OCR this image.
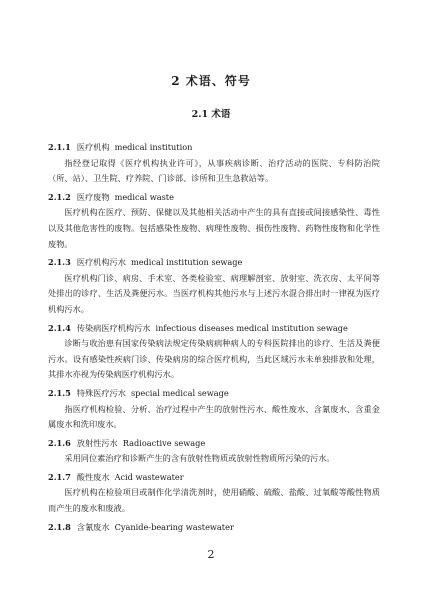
2 术语、符号
2.1 术语
2.1.1 医疗机构 medical institution

指经登记取得《医疗机构执业许可》，从事疾病诊断、治疗活动的医院、专科防治院（所、站）、卫生院、疗养院、门诊部、诊所和卫生急救站等。

2.1.2 医疗废物 medical waste

医疗机构在医疗、预防、保健以及其他相关活动中产生的具有直接或间接感染性、毒性以及其他危害性的废物。包括感染性废物、病理性废物、损伤性废物、药物性废物和化学性废物。

2.1.3 医疗机构污水 medical institution sewage

医疗机构门诊、病房、手术室、各类检验室、病理解剖室、放射室、洗衣房、太平间等处排出的诊疗、生活及粪便污水。当医疗机构其他污水与上述污水混合排出时一律视为医疗机构污水。

2.1.4 传染病医疗机构污水 infectious diseases medical institution sewage

诊断与收治患有国家传染病法规定传染病病种病人的专科医院排出的诊疗、生活及粪便污水。设有感染性疾病门诊、传染病房的综合医疗机构，当此区域污水未单独排放和处理，其排水亦视为传染病医疗机构污水。

2.1.5 特殊医疗污水 special medical sewage

指医疗机构检验、分析、治疗过程中产生的放射性污水、酸性废水、含氰废水、含重金属废水和洗印废水。

2.1.6 放射性污水 Radioactive sewage

采用同位素治疗和诊断产生的含有放射性物质或放射性物质所污染的污水。

2.1.7 酸性废水 Acid wastewater

医疗机构在检验项目或制作化学清洗剂时，使用硝酸、硫酸、盐酸、过氧酸等酸性物质而产生的废水和废液。

2.1.8 含氰废水 Cyanide-bearing wastewater
2
